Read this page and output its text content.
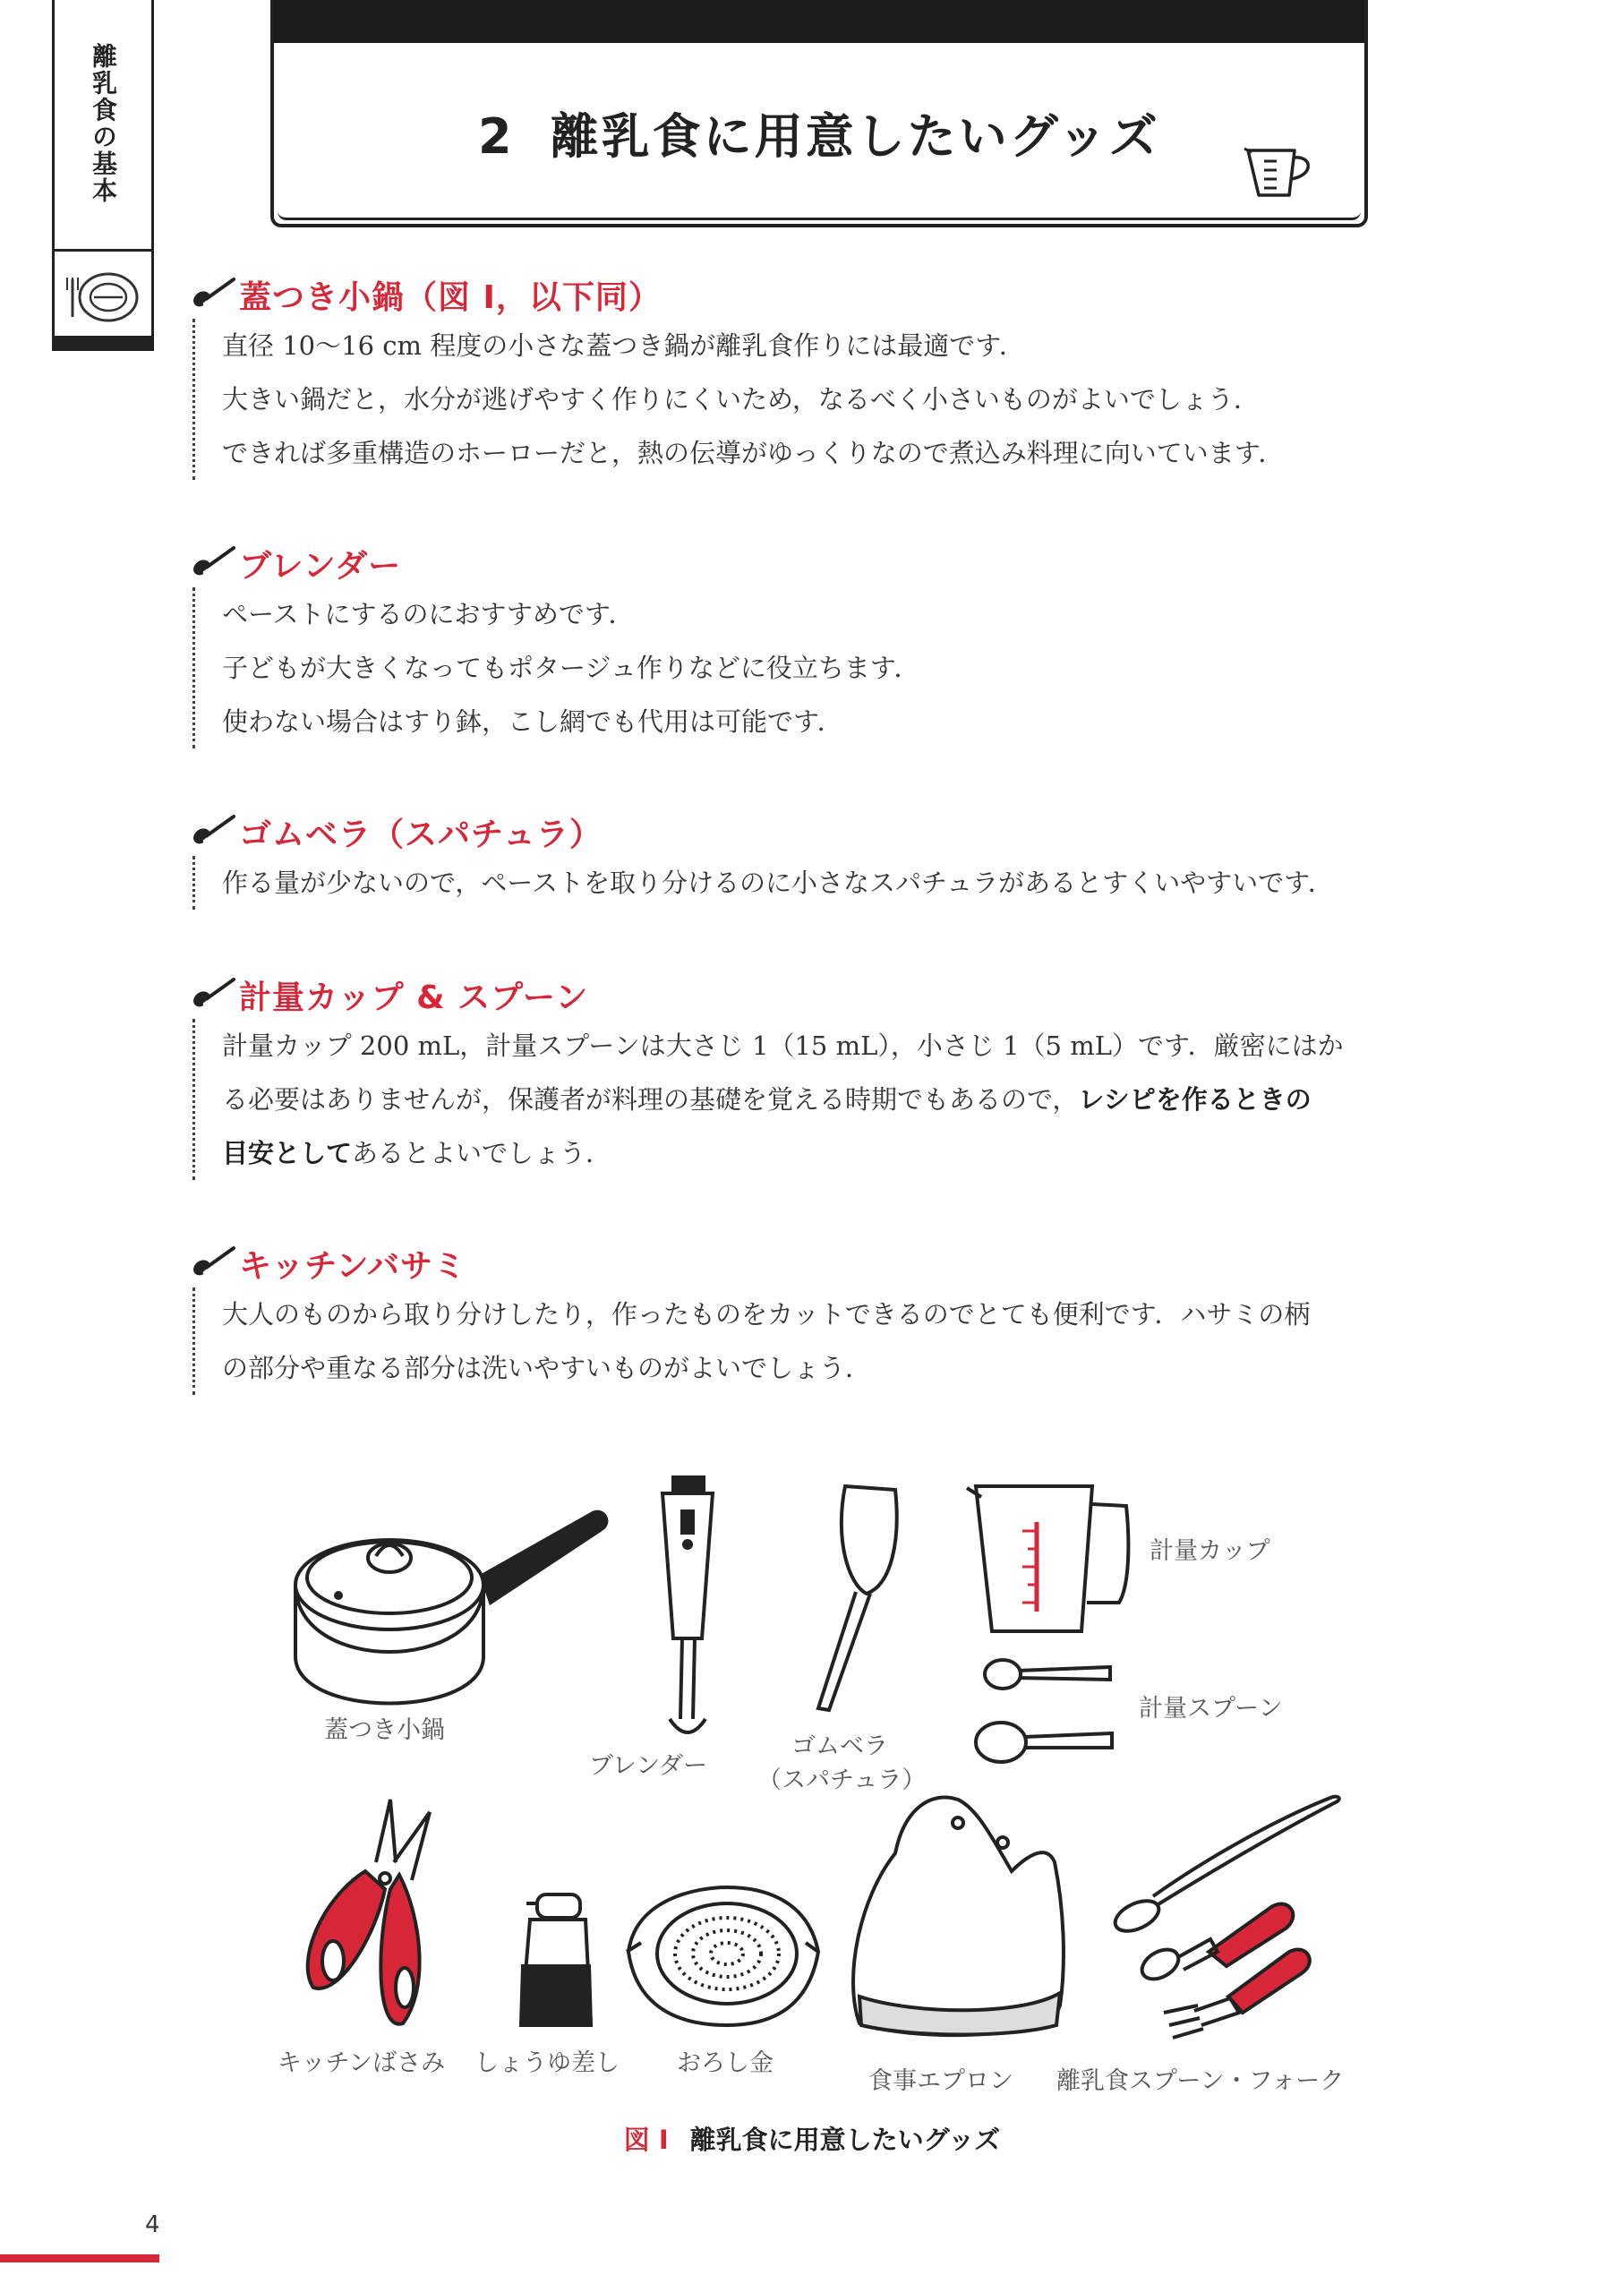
離乳食の基本	2 離乳食に用意したいグッズ
蓋つき小鍋（図 I，以下同）

直径 10〜16 cm 程度の小さな蓋つき鍋が離乳食作りには最適です．

大きい鍋だと，水分が逃げやすく作りにくいため，なるべく小さいものがよいでしょう．

できれば多重構造のホーローだと，熱の伝導がゆっくりなので煮込み料理に向いています．

ブレンダー

ペーストにするのにおすすめです．

子どもが大きくなってもポタージュ作りなどに役立ちます．

使わない場合はすり鉢，こし網でも代用は可能です．

ゴムベラ（スパチュラ）

作る量が少ないので，ペーストを取り分けるのに小さなスパチュラがあるとすくいやすいです．

計量カップ & スプーン

計量カップ 200 mL，計量スプーンは大さじ 1（15 mL），小さじ 1（5 mL）です．厳密にはか

る必要はありませんが，保護者が料理の基礎を覚える時期でもあるので，レシピを作るときの

目安としてあるとよいでしょう．

キッチンバサミ

大人のものから取り分けしたり，作ったものをカットできるのでとても便利です．ハサミの柄

の部分や重なる部分は洗いやすいものがよいでしょう．

蓋つき小鍋
ブレンダー
ゴムベラ
（スパチュラ）
計量カップ
計量スプーン
キッチンばさみ しょうゆ差し おろし金
食事エプロン 離乳食スプーン・フォーク
図 I 離乳食に用意したいグッズ
4
